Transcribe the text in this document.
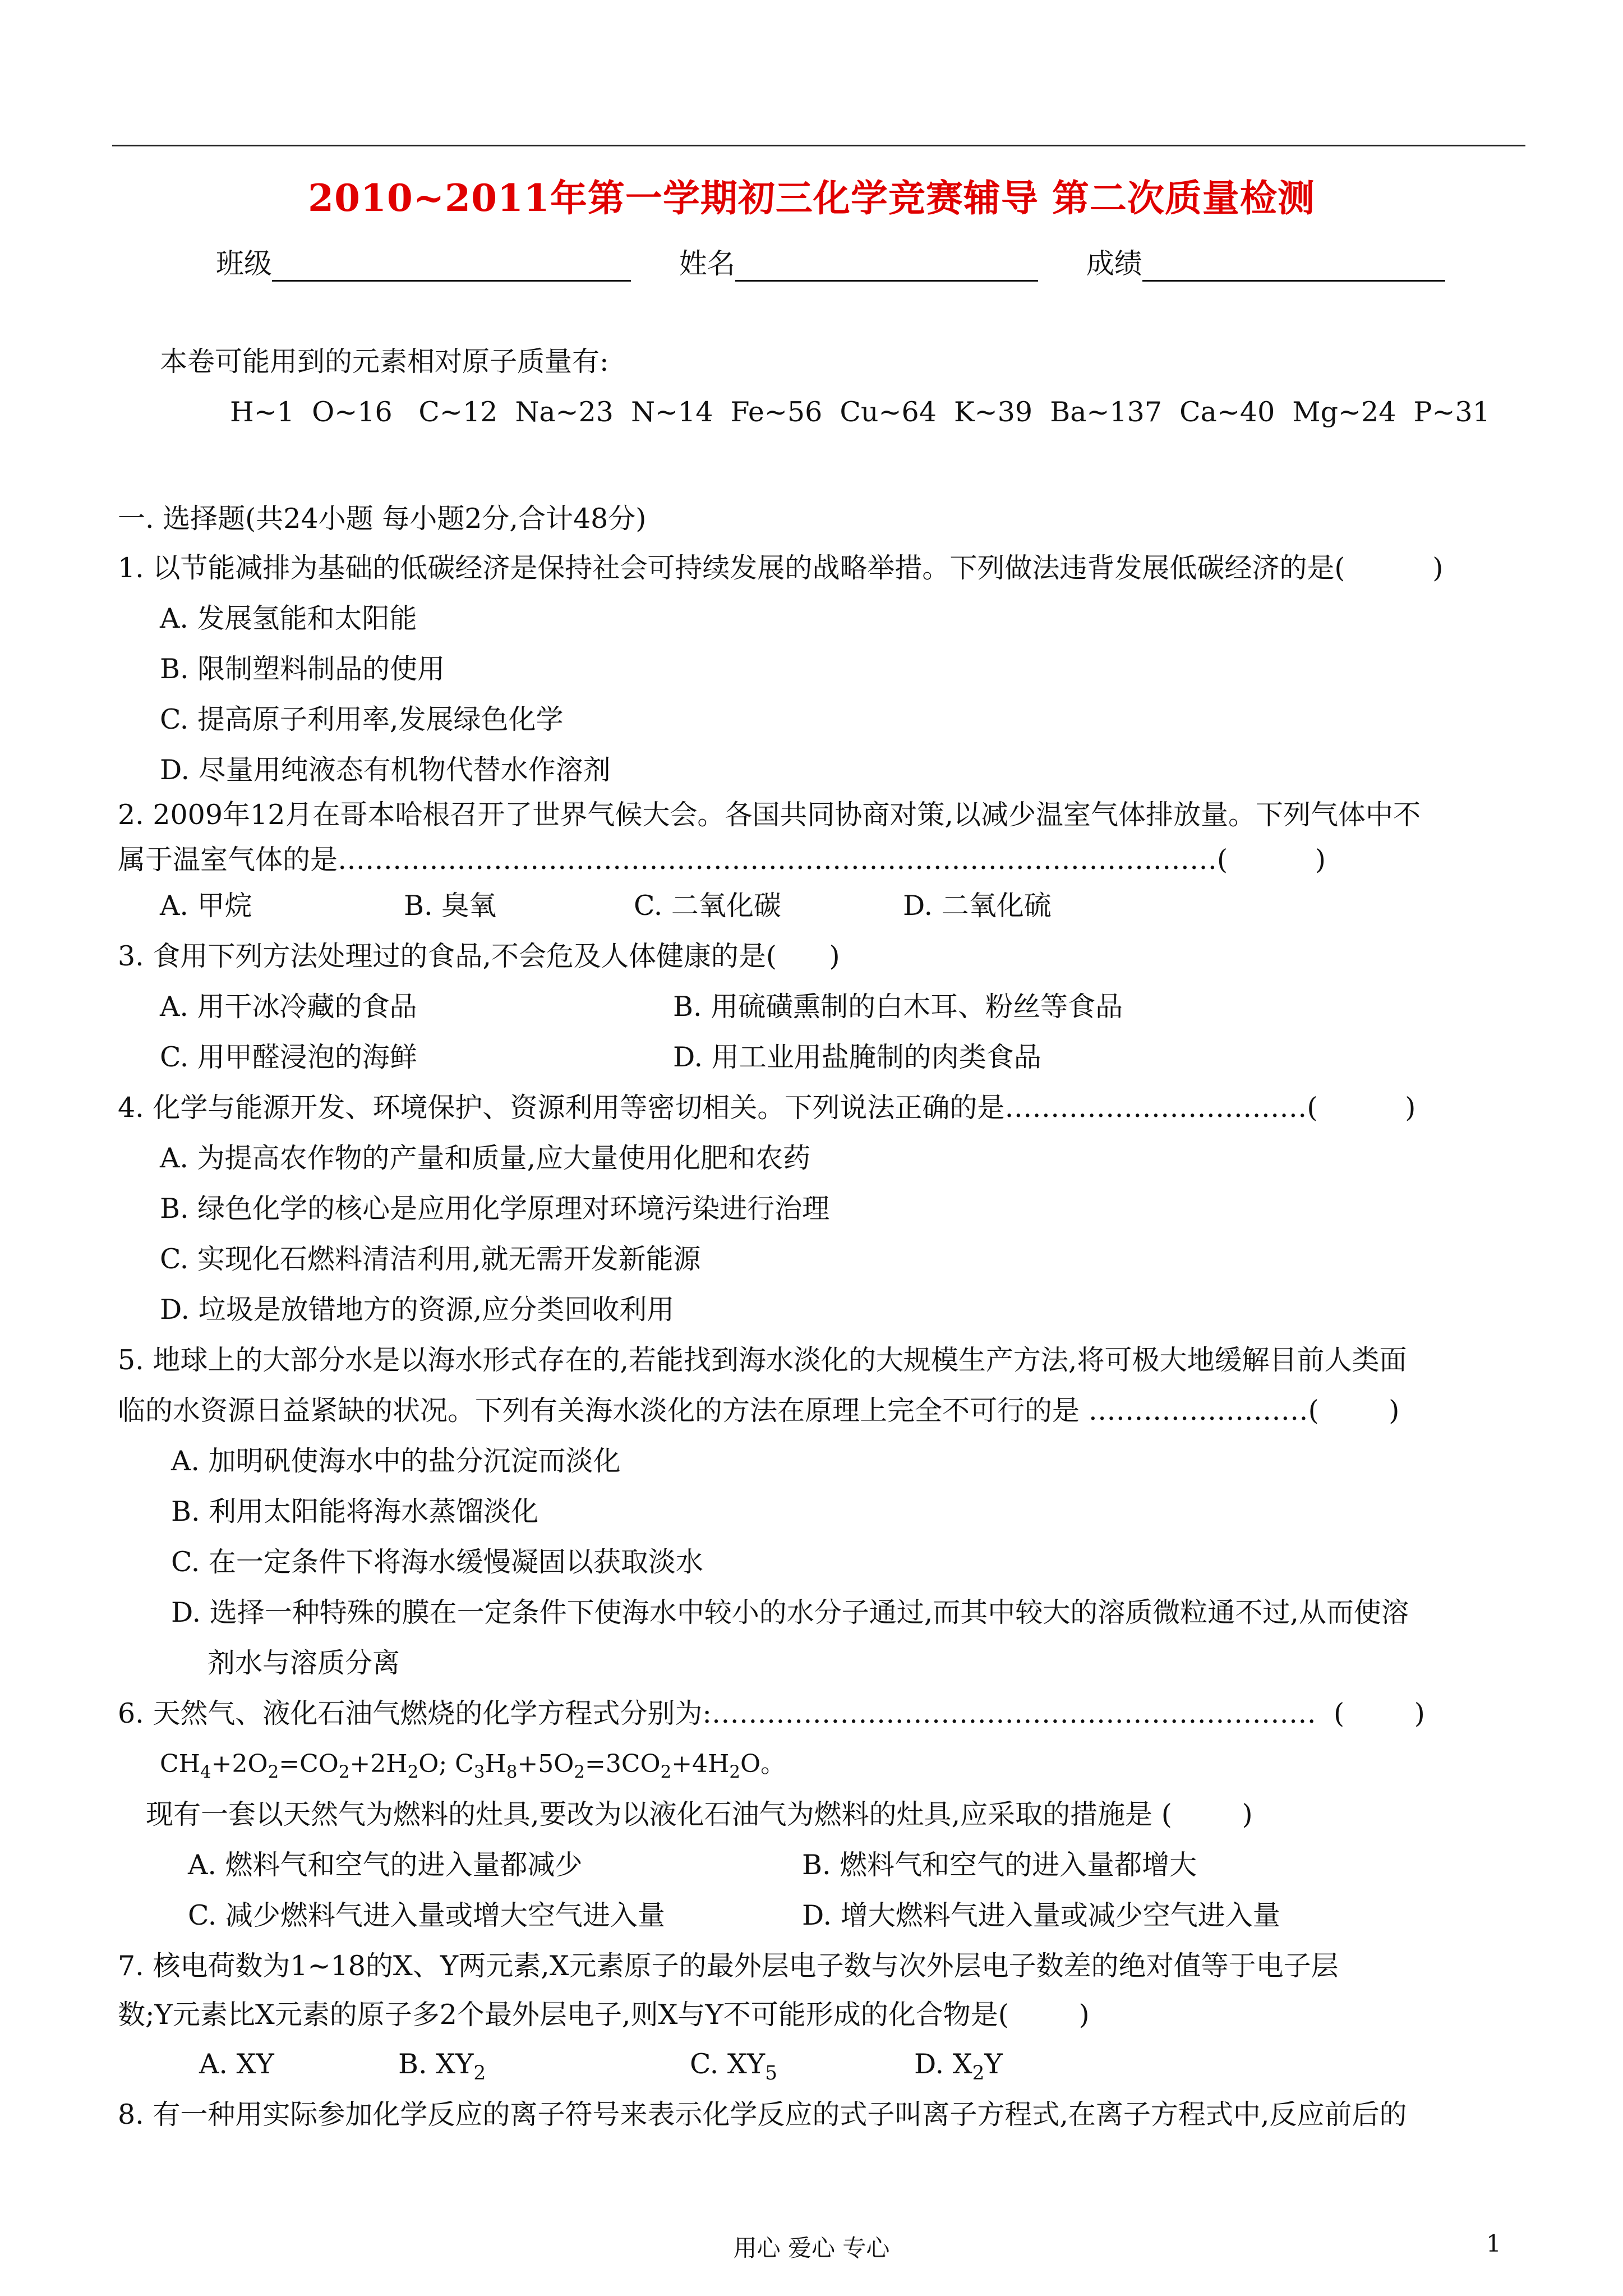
2010~2011年第一学期初三化学竞赛辅导 第二次质量检测
班级	姓名	成绩
本卷可能用到的元素相对原子质量有:
H~1  O~16   C~12  Na~23  N~14  Fe~56  Cu~64  K~39  Ba~137  Ca~40  Mg~24  P~31
一. 选择题(共24小题 每小题2分,合计48分)
1. 以节能减排为基础的低碳经济是保持社会可持续发展的战略举措。下列做法违背发展低碳经济的是(          )
A. 发展氢能和太阳能
B. 限制塑料制品的使用
C. 提高原子利用率,发展绿色化学
D. 尽量用纯液态有机物代替水作溶剂
2. 2009年12月在哥本哈根召开了世界气候大会。各国共同协商对策,以减少温室气体排放量。下列气体中不
属于温室气体的是……………………………………………………………………………………(          )
A. 甲烷	B. 臭氧	C. 二氧化碳	D. 二氧化硫
3. 食用下列方法处理过的食品,不会危及人体健康的是(      )
A. 用干冰冷藏的食品	B. 用硫磺熏制的白木耳、粉丝等食品
C. 用甲醛浸泡的海鲜	D. 用工业用盐腌制的肉类食品
4. 化学与能源开发、环境保护、资源利用等密切相关。下列说法正确的是……………………………(          )
A. 为提高农作物的产量和质量,应大量使用化肥和农药
B. 绿色化学的核心是应用化学原理对环境污染进行治理
C. 实现化石燃料清洁利用,就无需开发新能源
D. 垃圾是放错地方的资源,应分类回收利用
5. 地球上的大部分水是以海水形式存在的,若能找到海水淡化的大规模生产方法,将可极大地缓解目前人类面
临的水资源日益紧缺的状况。下列有关海水淡化的方法在原理上完全不可行的是 ……………………(        )
A. 加明矾使海水中的盐分沉淀而淡化
B. 利用太阳能将海水蒸馏淡化
C. 在一定条件下将海水缓慢凝固以获取淡水
D. 选择一种特殊的膜在一定条件下使海水中较小的水分子通过,而其中较大的溶质微粒通不过,从而使溶
剂水与溶质分离
6. 天然气、液化石油气燃烧的化学方程式分别为:…………………………………………………………  (        )
$CH_4+2O_2=CO_2+2H_2O$; $C_3H_8+5O_2=3CO_2+4H_2O$。
现有一套以天然气为燃料的灶具,要改为以液化石油气为燃料的灶具,应采取的措施是 (        )
A. 燃料气和空气的进入量都减少	B. 燃料气和空气的进入量都增大
C. 减少燃料气进入量或增大空气进入量	D. 增大燃料气进入量或减少空气进入量
7. 核电荷数为1~18的X、Y两元素,X元素原子的最外层电子数与次外层电子数差的绝对值等于电子层
数;Y元素比X元素的原子多2个最外层电子,则X与Y不可能形成的化合物是(        )
A. XY	B. $XY_2$	C. $XY_5$	D. $X_2Y$
8. 有一种用实际参加化学反应的离子符号来表示化学反应的式子叫离子方程式,在离子方程式中,反应前后的
用心 爱心 专心	1
